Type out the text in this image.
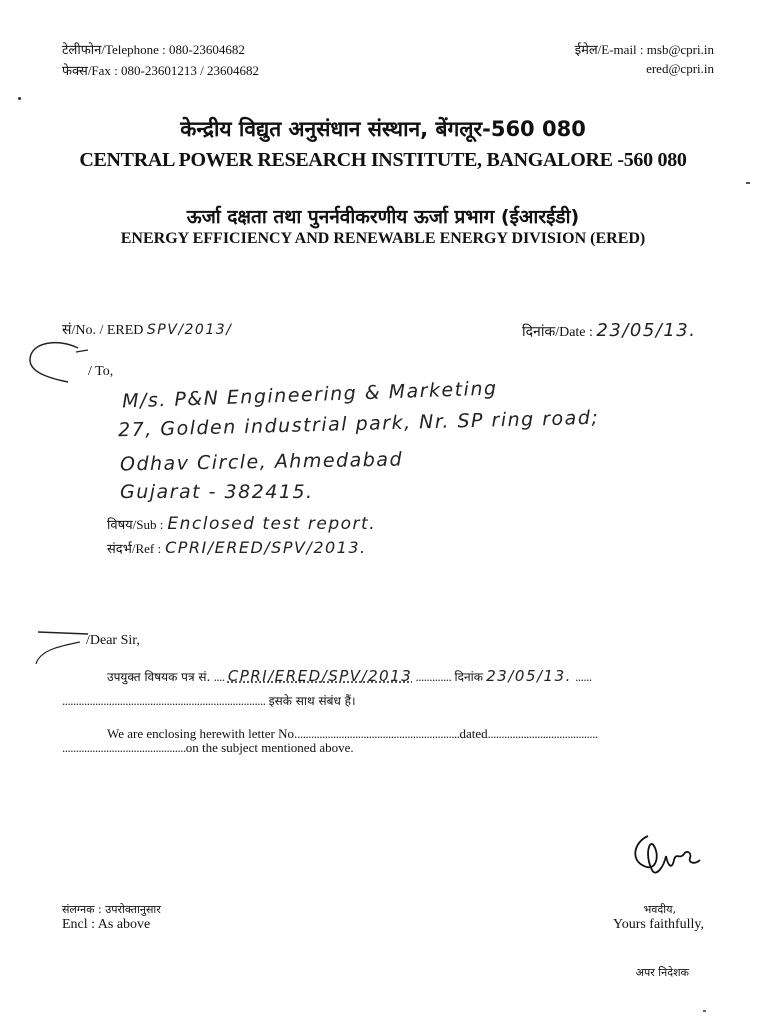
टेलीफोन/Telephone : 080-23604682
फेक्स/Fax : 080-23601213 / 23604682
ईमेल/E-mail : msb@cpri.in
ered@cpri.in
केन्द्रीय विद्युत अनुसंधान संस्थान, बेंगलूर-560 080
CENTRAL POWER RESEARCH INSTITUTE, BANGALORE -560 080
ऊर्जा दक्षता तथा पुनर्नवीकरणीय ऊर्जा प्रभाग (ईआरईडी)
ENERGY EFFICIENCY AND RENEWABLE ENERGY DIVISION (ERED)
सं/No. / ERED SPV/2013/	दिनांक/Date : 23/05/13.
/ To,
M/s. P&N Engineering & Marketing
27, Golden industrial park, Nr. SP ring road;
Odhav Circle, Ahmedabad
Gujarat - 382415.
विषय/Sub : Enclosed test report.
संदर्भ/Ref : CPRI/ERED/SPV/2013.
/Dear Sir,
उपयुक्त विषयक पत्र सं. .... CPRI/ERED/SPV/2013 ............. दिनांक 23/05/13. ......
.......................................................................... इसके साथ संबंध हैं।
We are enclosing herewith letter No............................................................dated........................................
.............................................on the subject mentioned above.
संलग्नक : उपरोक्तानुसार
Encl : As above
भवदीय,
Yours faithfully,
अपर निदेशक
